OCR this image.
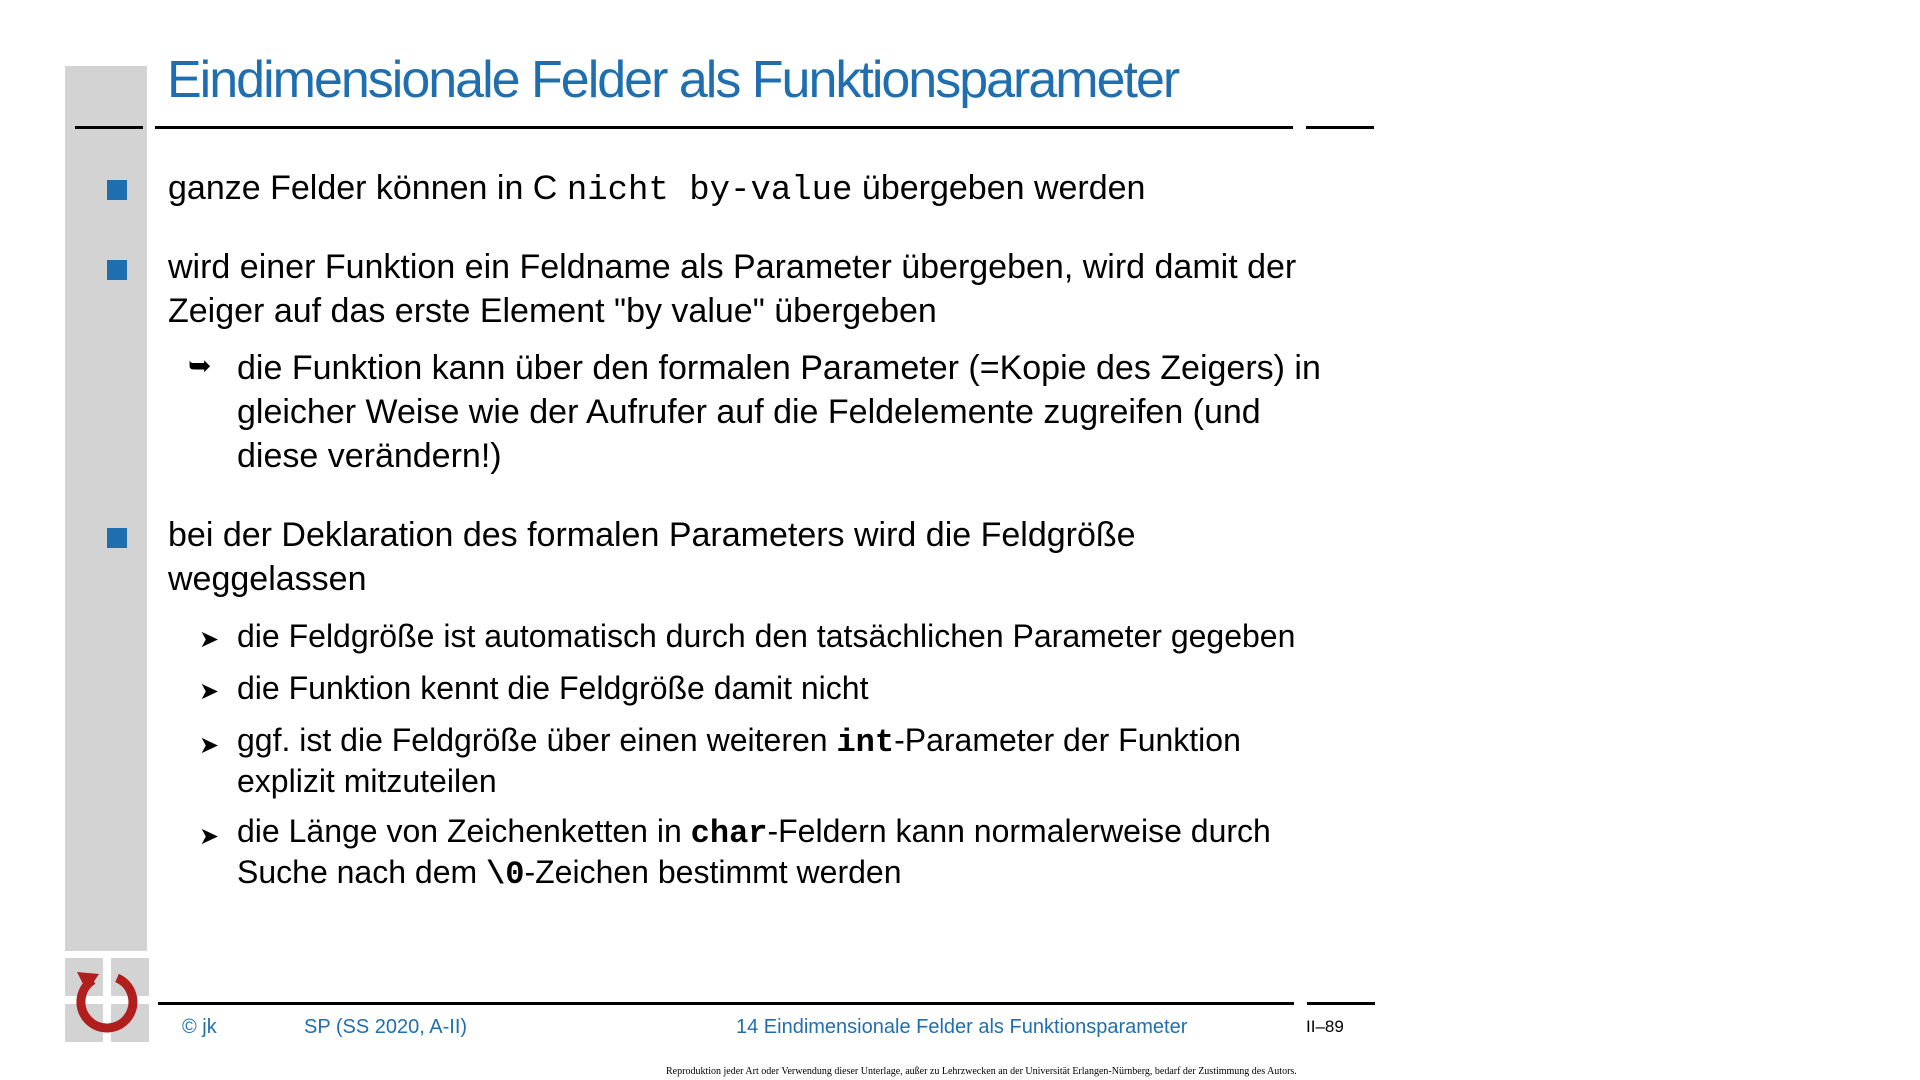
Eindimensionale Felder als Funktionsparameter
ganze Felder können in C nicht by-value übergeben werden
wird einer Funktion ein Feldname als Parameter übergeben, wird damit der
Zeiger auf das erste Element "by value" übergeben
➥ die Funktion kann über den formalen Parameter (=Kopie des Zeigers) in
gleicher Weise wie der Aufrufer auf die Feldelemente zugreifen (und
diese verändern!)
bei der Deklaration des formalen Parameters wird die Feldgröße
weggelassen
➤ die Feldgröße ist automatisch durch den tatsächlichen Parameter gegeben
➤ die Funktion kennt die Feldgröße damit nicht
➤ ggf. ist die Feldgröße über einen weiteren int-Parameter der Funktion
explizit mitzuteilen
➤ die Länge von Zeichenketten in char-Feldern kann normalerweise durch
Suche nach dem \0-Zeichen bestimmt werden
© jk	SP (SS 2020, A-II)	14 Eindimensionale Felder als Funktionsparameter	II–89
Reproduktion jeder Art oder Verwendung dieser Unterlage, außer zu Lehrzwecken an der Universität Erlangen-Nürnberg, bedarf der Zustimmung des Autors.
